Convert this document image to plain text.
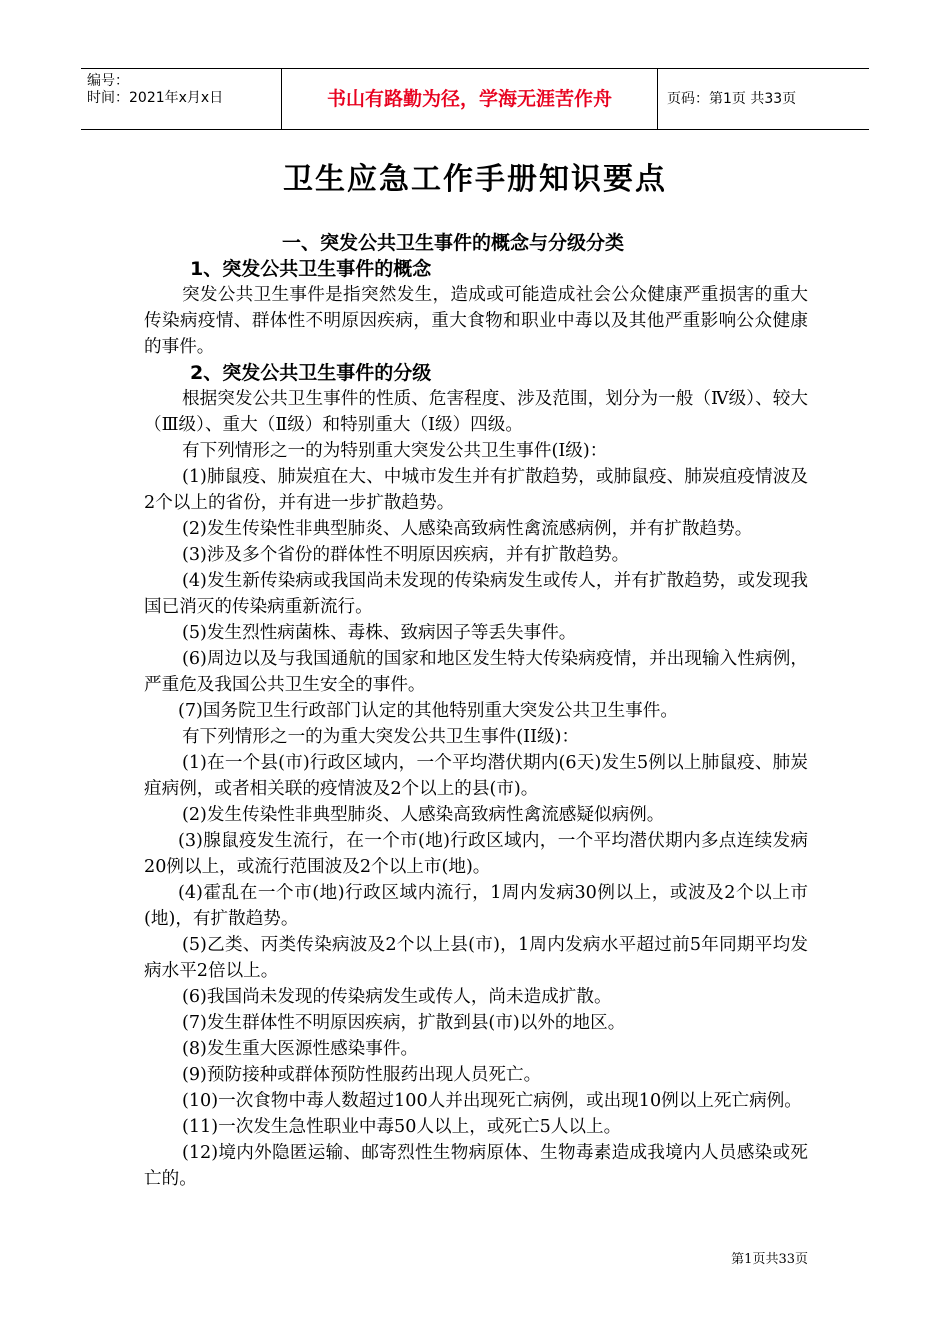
编号：
时间：2021年x月x日	书山有路勤为径，学海无涯苦作舟	页码：第1页 共33页
卫生应急工作手册知识要点
一、突发公共卫生事件的概念与分级分类
1、突发公共卫生事件的概念

突发公共卫生事件是指突然发生，造成或可能造成社会公众健康严重损害的重大传染病疫情、群体性不明原因疾病，重大食物和职业中毒以及其他严重影响公众健康的事件。

2、突发公共卫生事件的分级

根据突发公共卫生事件的性质、危害程度、涉及范围，划分为一般（Ⅳ级）、较大（Ⅲ级）、重大（Ⅱ级）和特别重大（Ⅰ级）四级。

有下列情形之一的为特别重大突发公共卫生事件(I级)：

(1)肺鼠疫、肺炭疽在大、中城市发生并有扩散趋势，或肺鼠疫、肺炭疽疫情波及2个以上的省份，并有进一步扩散趋势。

(2)发生传染性非典型肺炎、人感染高致病性禽流感病例，并有扩散趋势。

(3)涉及多个省份的群体性不明原因疾病，并有扩散趋势。

(4)发生新传染病或我国尚未发现的传染病发生或传人，并有扩散趋势，或发现我国已消灭的传染病重新流行。

(5)发生烈性病菌株、毒株、致病因子等丢失事件。

(6)周边以及与我国通航的国家和地区发生特大传染病疫情，并出现输入性病例，严重危及我国公共卫生安全的事件。

(7)国务院卫生行政部门认定的其他特别重大突发公共卫生事件。

有下列情形之一的为重大突发公共卫生事件(II级)：

(1)在一个县(市)行政区域内，一个平均潜伏期内(6天)发生5例以上肺鼠疫、肺炭疽病例，或者相关联的疫情波及2个以上的县(市)。

(2)发生传染性非典型肺炎、人感染高致病性禽流感疑似病例。

(3)腺鼠疫发生流行，在一个市(地)行政区域内，一个平均潜伏期内多点连续发病20例以上，或流行范围波及2个以上市(地)。

(4)霍乱在一个市(地)行政区域内流行，1周内发病30例以上，或波及2个以上市(地)，有扩散趋势。

(5)乙类、丙类传染病波及2个以上县(市)，1周内发病水平超过前5年同期平均发病水平2倍以上。

(6)我国尚未发现的传染病发生或传人，尚未造成扩散。

(7)发生群体性不明原因疾病，扩散到县(市)以外的地区。

(8)发生重大医源性感染事件。

(9)预防接种或群体预防性服药出现人员死亡。

(10)一次食物中毒人数超过100人并出现死亡病例，或出现10例以上死亡病例。

(11)一次发生急性职业中毒50人以上，或死亡5人以上。

(12)境内外隐匿运输、邮寄烈性生物病原体、生物毒素造成我境内人员感染或死亡的。

第1页共33页
